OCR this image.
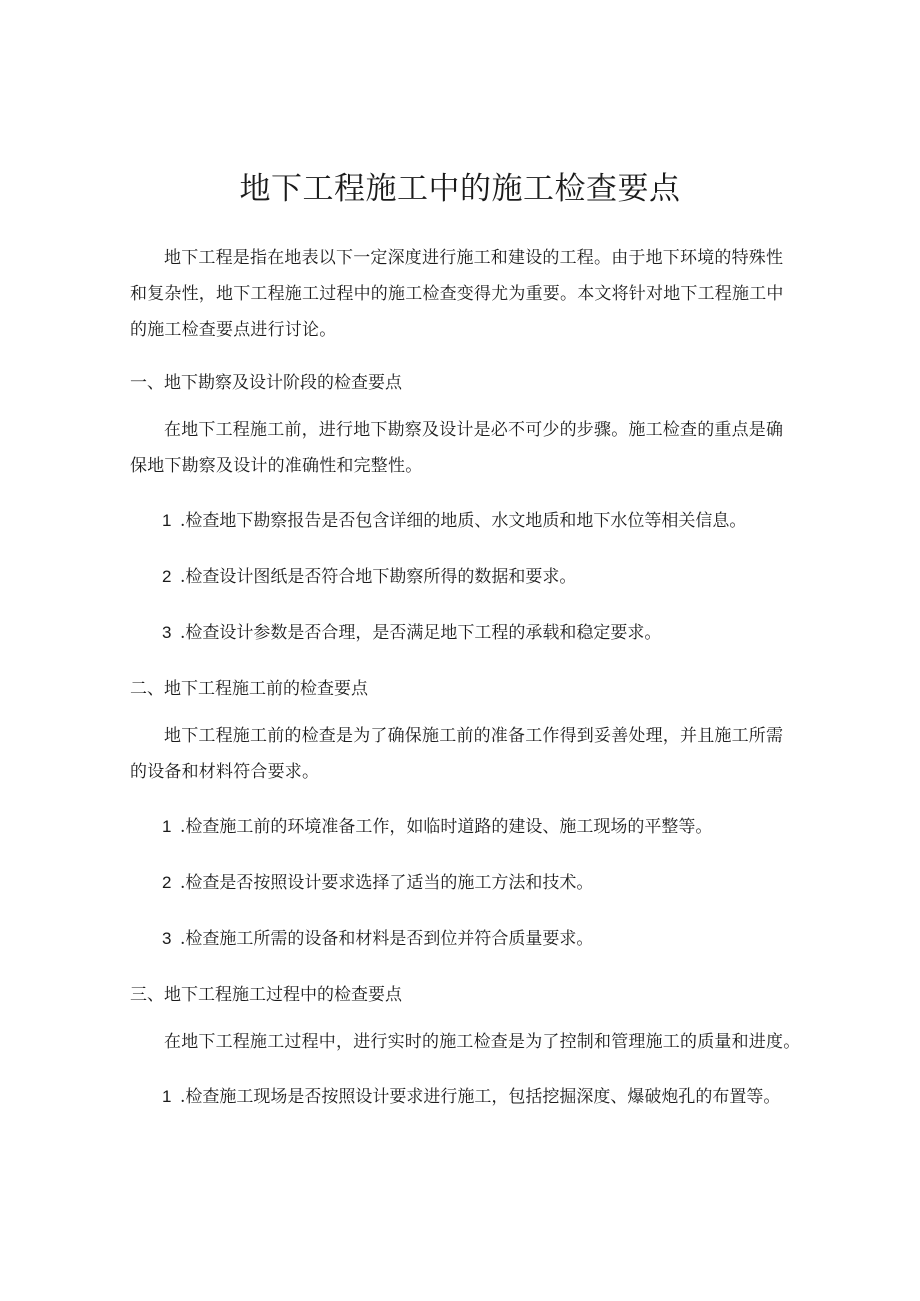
地下工程施工中的施工检查要点

地下工程是指在地表以下一定深度进行施工和建设的工程。由于地下环境的特殊性和复杂性，地下工程施工过程中的施工检查变得尤为重要。本文将针对地下工程施工中的施工检查要点进行讨论。

一、地下勘察及设计阶段的检查要点

在地下工程施工前，进行地下勘察及设计是必不可少的步骤。施工检查的重点是确保地下勘察及设计的准确性和完整性。

1 .检查地下勘察报告是否包含详细的地质、水文地质和地下水位等相关信息。
2 .检查设计图纸是否符合地下勘察所得的数据和要求。
3 .检查设计参数是否合理，是否满足地下工程的承载和稳定要求。
二、地下工程施工前的检查要点

地下工程施工前的检查是为了确保施工前的准备工作得到妥善处理，并且施工所需的设备和材料符合要求。

1 .检查施工前的环境准备工作，如临时道路的建设、施工现场的平整等。
2 .检查是否按照设计要求选择了适当的施工方法和技术。
3 .检查施工所需的设备和材料是否到位并符合质量要求。
三、地下工程施工过程中的检查要点

在地下工程施工过程中，进行实时的施工检查是为了控制和管理施工的质量和进度。

1 .检查施工现场是否按照设计要求进行施工，包括挖掘深度、爆破炮孔的布置等。
